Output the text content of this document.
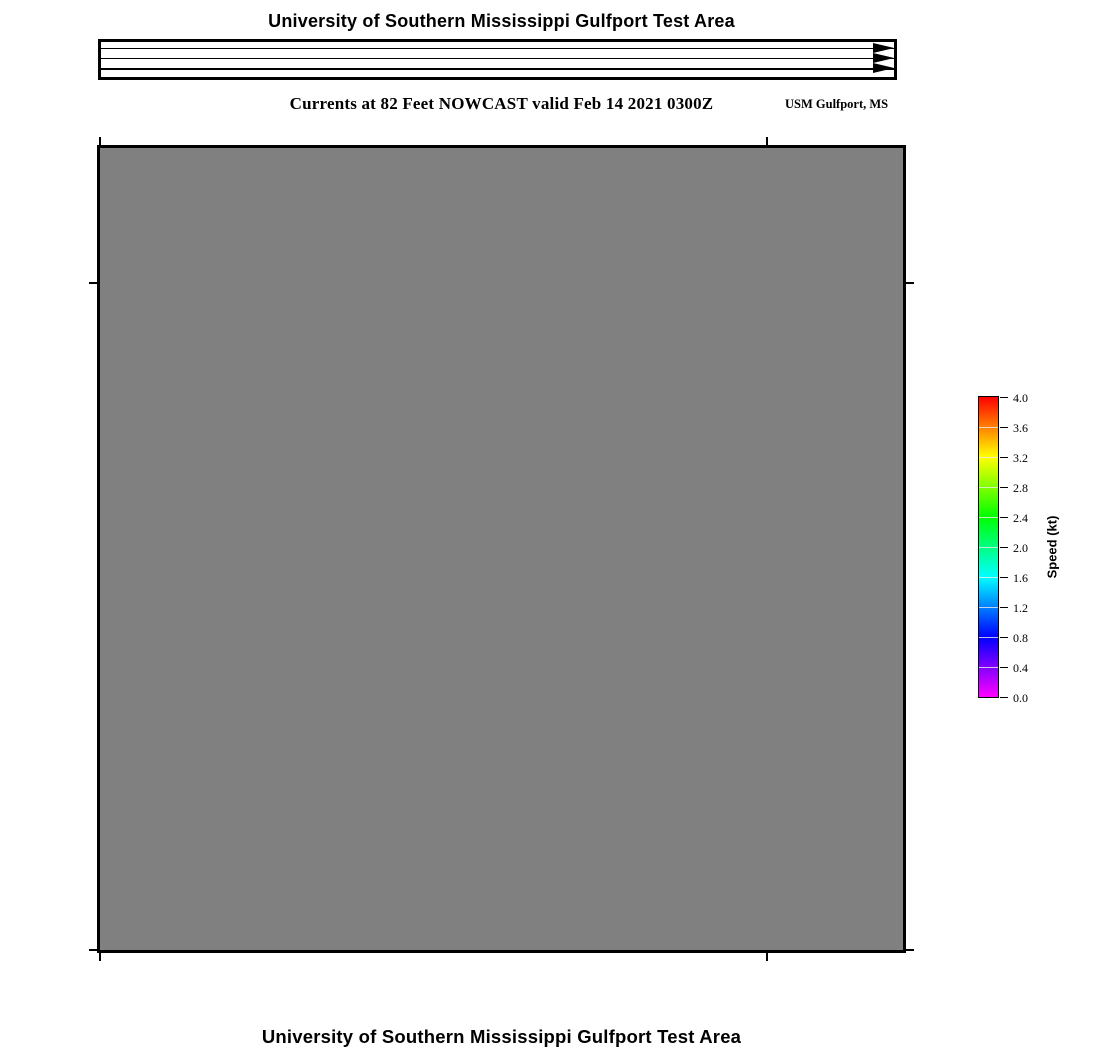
University of Southern Mississippi Gulfport Test Area
Currents at 82 Feet NOWCAST valid Feb 14 2021 0300Z	USM Gulfport, MS
Speed (kt)
0.0
0.4
0.8
1.2
1.6
2.0
2.4
2.8
3.2
3.6
4.0
University of Southern Mississippi Gulfport Test Area
